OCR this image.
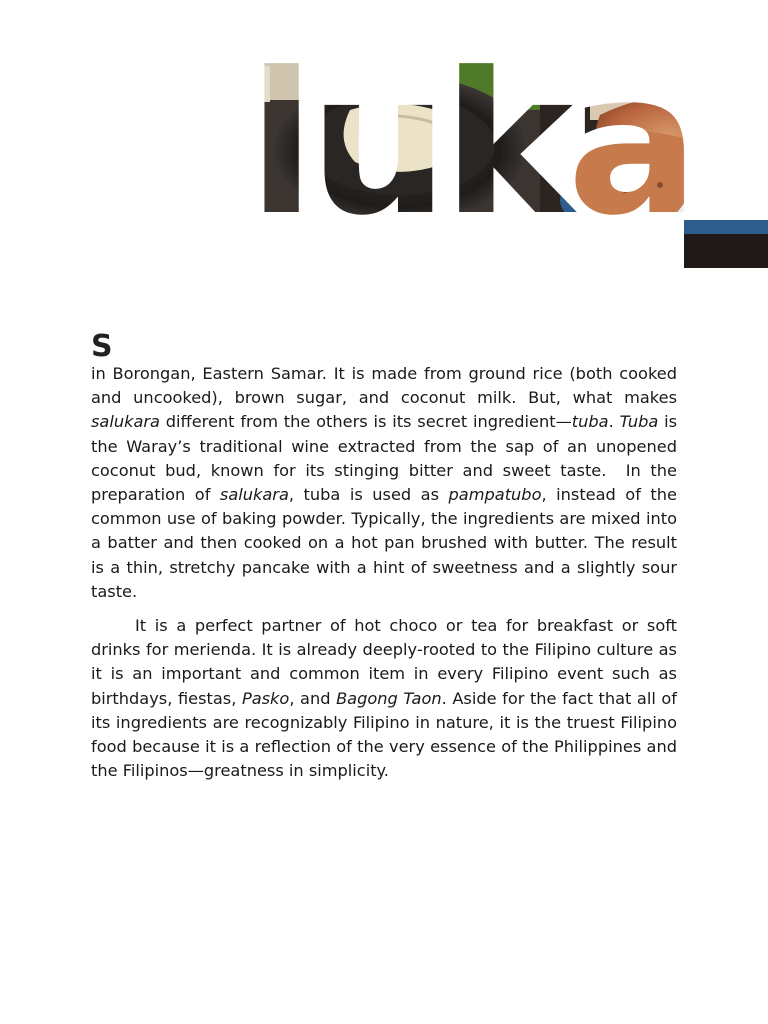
S

in Borongan, Eastern Samar. It is made from ground rice (both cooked and uncooked), brown sugar, and coconut milk. But, what makes salukara different from the others is its secret ingredient—tuba. Tuba is the Waray’s traditional wine extracted from the sap of an unopened coconut bud, known for its stinging bitter and sweet taste.  In the preparation of salukara, tuba is used as pampatubo, instead of the common use of baking powder. Typically, the ingredients are mixed into a batter and then cooked on a hot pan brushed with butter. The result is a thin, stretchy pancake with a hint of sweetness and a slightly sour taste.

It is a perfect partner of hot choco or tea for breakfast or soft drinks for merienda. It is already deeply-rooted to the Filipino culture as it is an important and common item in every Filipino event such as birthdays, fiestas, Pasko, and Bagong Taon. Aside for the fact that all of its ingredients are recognizably Filipino in nature, it is the truest Filipino food because it is a reflection of the very essence of the Philippines and the Filipinos—greatness in simplicity.
